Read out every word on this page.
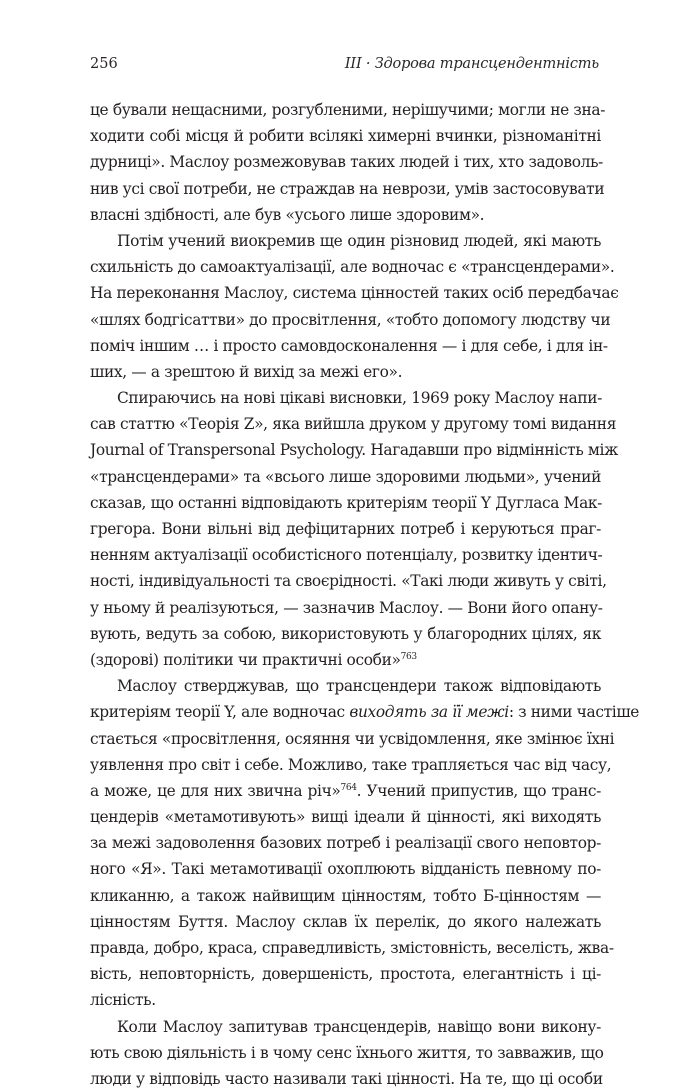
256	III · Здорова трансцендентність
це бували нещасними, розгубленими, нерішучими; могли не зна-
ходити собі місця й робити всілякі химерні вчинки, різноманітні
дурниці». Маслоу розмежовував таких людей і тих, хто задоволь-
нив усі свої потреби, не страждав на неврози, умів застосовувати
власні здібності, але був «усього лише здоровим».
Потім учений виокремив ще один різновид людей, які мають
схильність до самоактуалізації, але водночас є «трансцендерами».
На переконання Маслоу, система цінностей таких осіб передбачає
«шлях бодгісаттви» до просвітлення, «тобто допомогу людству чи
поміч іншим … і просто самовдосконалення — і для себе, і для ін-
ших, — а зрештою й вихід за межі его».
Спираючись на нові цікаві висновки, 1969 року Маслоу напи-
сав статтю «Теорія Z», яка вийшла друком у другому томі видання
Journal of Transpersonal Psychology. Нагадавши про відмінність між
«трансцендерами» та «всього лише здоровими людьми», учений
сказав, що останні відповідають критеріям теорії Y Дугласа Мак-
грегора. Вони вільні від дефіцитарних потреб і керуються праг-
ненням актуалізації особистісного потенціалу, розвитку ідентич-
ності, індивідуальності та своєрідності. «Такі люди живуть у світі,
у ньому й реалізуються, — зазначив Маслоу. — Вони його опану-
вують, ведуть за собою, використовують у благородних цілях, як
(здорові) політики чи практичні особи»$^{763}$
Маслоу стверджував, що трансцендери також відповідають
критеріям теорії Y, але водночас виходять за її межі: з ними частіше
стається «просвітлення, осяяння чи усвідомлення, яке змінює їхні
уявлення про світ і себе. Можливо, таке трапляється час від часу,
а може, це для них звична річ»$^{764}$. Учений припустив, що транс-
цендерів «метамотивують» вищі ідеали й цінності, які виходять
за межі задоволення базових потреб і реалізації свого неповтор-
ного «Я». Такі метамотивації охоплюють відданість певному по-
кликанню, а також найвищим цінностям, тобто Б-цінностям —
цінностям Буття. Маслоу склав їх перелік, до якого належать
правда, добро, краса, справедливість, змістовність, веселість, жва-
вість, неповторність, довершеність, простота, елегантність і ці-
лісність.
Коли Маслоу запитував трансцендерів, навіщо вони викону-
ють свою діяльність і в чому сенс їхнього життя, то завважив, що
люди у відповідь часто називали такі цінності. На те, що ці особи
